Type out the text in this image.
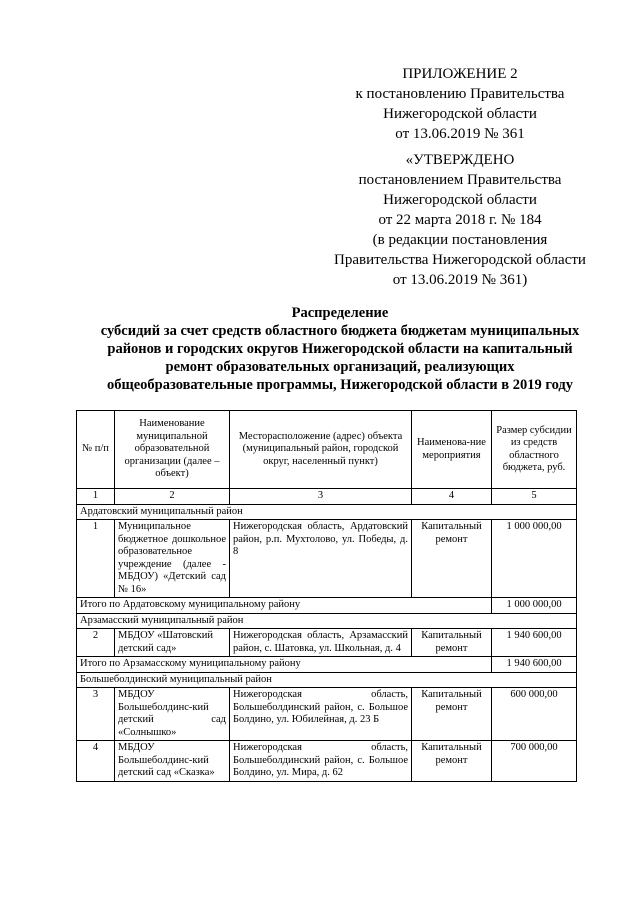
ПРИЛОЖЕНИЕ 2
к постановлению Правительства
Нижегородской области
от 13.06.2019 № 361
«УТВЕРЖДЕНО
постановлением Правительства
Нижегородской области
от 22 марта 2018 г. № 184
(в редакции постановления
Правительства Нижегородской области
от 13.06.2019 № 361)
Распределение
субсидий за счет средств областного бюджета бюджетам муниципальных
районов и городских округов Нижегородской области на капитальный
ремонт образовательных организаций, реализующих
общеобразовательные программы, Нижегородской области в 2019 году
№ п/п	Наименование муниципальной образовательной организации (далее – объект)	Месторасположение (адрес) объекта (муниципальный район, городской округ, населенный пункт)	Наименова-ние мероприятия	Размер субсидии из средств областного бюджета, руб.
1	2	3	4	5
Ардатовский муниципальный район				
1	Муниципальное бюджетное дошкольное образовательное учреждение (далее - МБДОУ) «Детский сад № 16»	Нижегородская область, Ардатовский район, р.п. Мухтолово, ул. Победы, д. 8	Капитальный ремонт	1 000 000,00
Итого по Ардатовскому муниципальному району				1 000 000,00
Арзамасский муниципальный район				
2	МБДОУ «Шатовский детский сад»	Нижегородская область, Арзамасский район, с. Шатовка, ул. Школьная, д. 4	Капитальный ремонт	1 940 600,00
Итого по Арзамасскому муниципальному району				1 940 600,00
Большеболдинский муниципальный район				
3	МБДОУ Большеболдинс-кий детский сад «Солнышко»	Нижегородская область, Большеболдинский район, с. Большое Болдино, ул. Юбилейная, д. 23 Б	Капитальный ремонт	600 000,00
4	МБДОУ Большеболдинс-кий детский сад «Сказка»	Нижегородская область, Большеболдинский район, с. Большое Болдино, ул. Мира, д. 62	Капитальный ремонт	700 000,00
